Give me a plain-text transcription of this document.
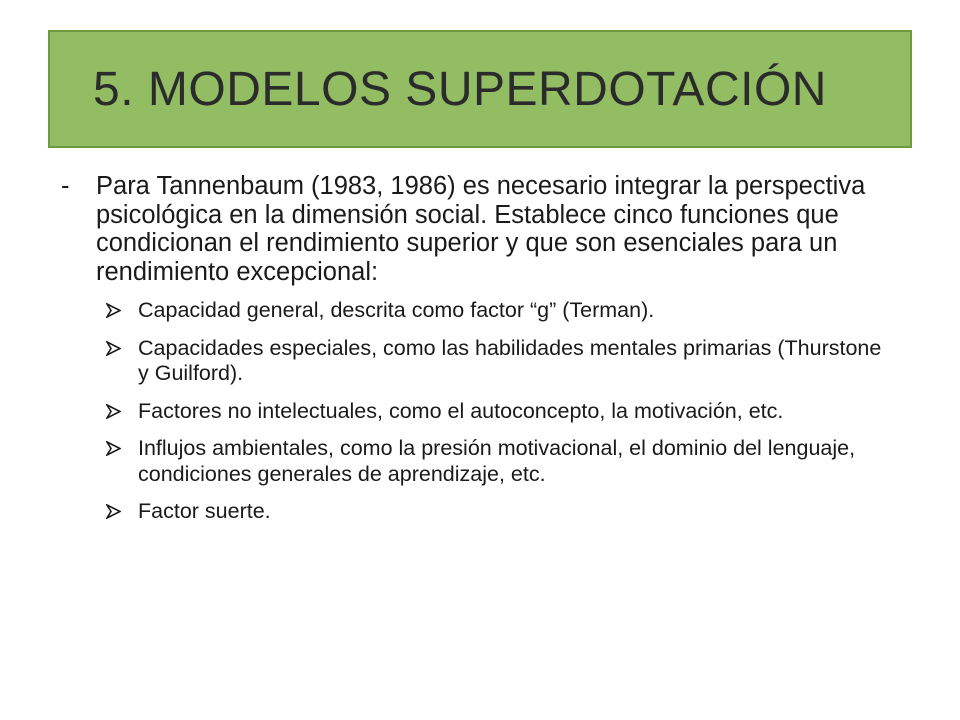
5. MODELOS SUPERDOTACIÓN
-	Para Tannenbaum (1983, 1986) es necesario integrar la perspectiva psicológica en la dimensión social. Establece cinco funciones que condicionan el rendimiento superior y que son esenciales para un rendimiento excepcional:
Capacidad general, descrita como factor “g” (Terman).
Capacidades especiales, como las habilidades mentales primarias (Thurstone y Guilford).
Factores no intelectuales, como el autoconcepto, la motivación, etc.
Influjos ambientales, como la presión motivacional, el dominio del lenguaje, condiciones generales de aprendizaje, etc.
Factor suerte.
